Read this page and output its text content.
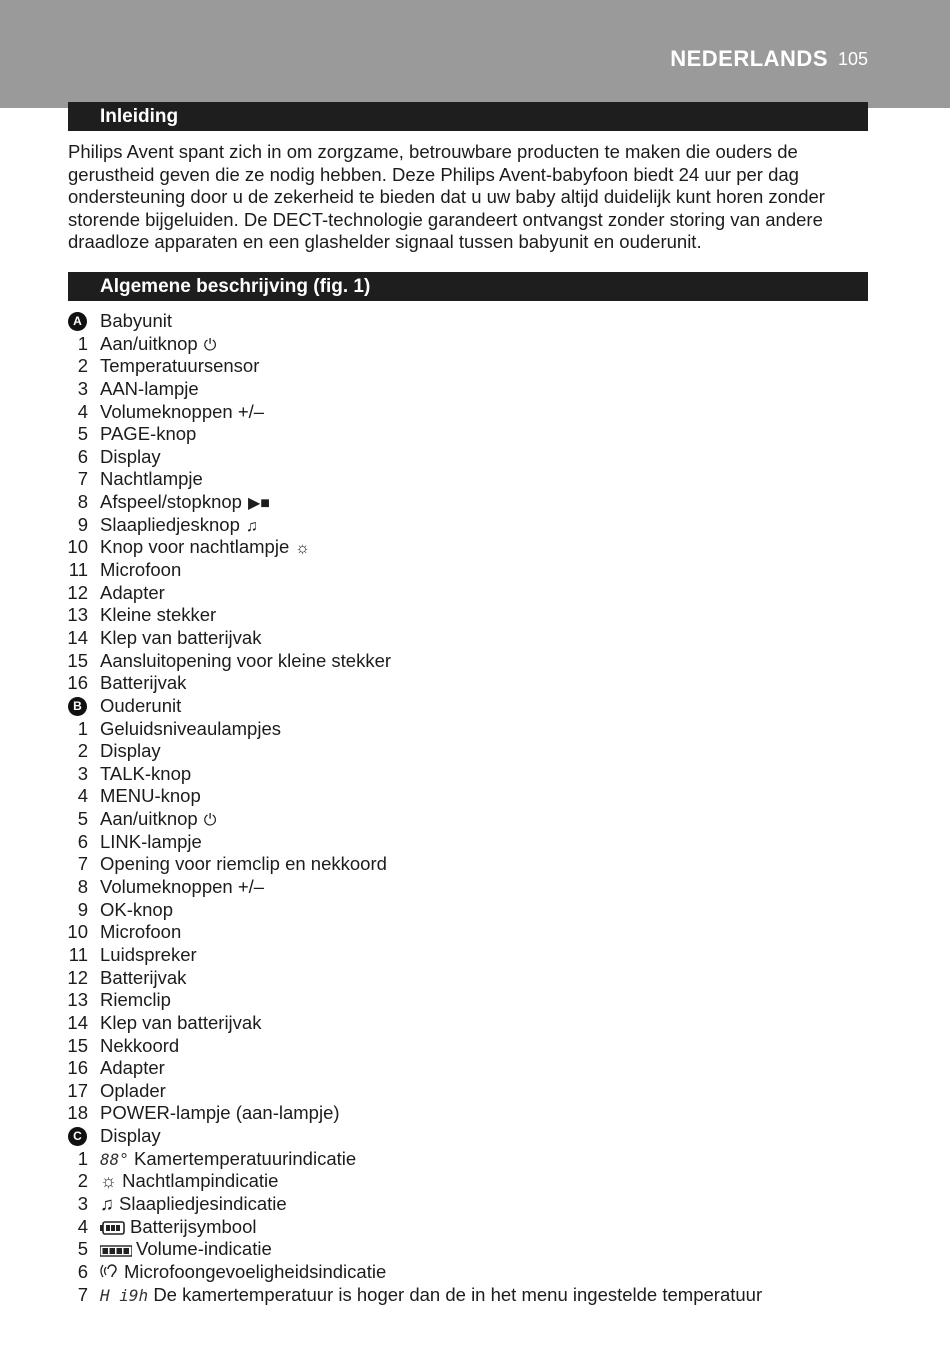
NEDERLANDS 105
Inleiding

Philips Avent spant zich in om zorgzame, betrouwbare producten te maken die ouders de gerustheid geven die ze nodig hebben. Deze Philips Avent-babyfoon biedt 24 uur per dag ondersteuning door u de zekerheid te bieden dat u uw baby altijd duidelijk kunt horen zonder storende bijgeluiden. De DECT-technologie garandeert ontvangst zonder storing van andere draadloze apparaten en een glashelder signaal tussen babyunit en ouderunit.

Algemene beschrijving (fig. 1)
A Babyunit
1 Aan/uitknop ⏻
2 Temperatuursensor
3 AAN-lampje
4 Volumeknoppen +/–
5 PAGE-knop
6 Display
7 Nachtlampje
8 Afspeel/stopknop ▶■
9 Slaapliedjesknop ♫
10 Knop voor nachtlampje ☼
11 Microfoon
12 Adapter
13 Kleine stekker
14 Klep van batterijvak
15 Aansluitopening voor kleine stekker
16 Batterijvak
B Ouderunit
1 Geluidsniveaulampjes
2 Display
3 TALK-knop
4 MENU-knop
5 Aan/uitknop ⏻
6 LINK-lampje
7 Opening voor riemclip en nekkoord
8 Volumeknoppen +/–
9 OK-knop
10 Microfoon
11 Luidspreker
12 Batterijvak
13 Riemclip
14 Klep van batterijvak
15 Nekkoord
16 Adapter
17 Oplader
18 POWER-lampje (aan-lampje)
C Display
1 88° Kamertemperatuurindicatie
2 ☼ Nachtlampindicatie
3 ♫ Slaapliedjesindicatie
4	Batterijsymbool
5	Volume-indicatie
6	Microfoongevoeligheidsindicatie
7 H i9h De kamertemperatuur is hoger dan de in het menu ingestelde temperatuur
